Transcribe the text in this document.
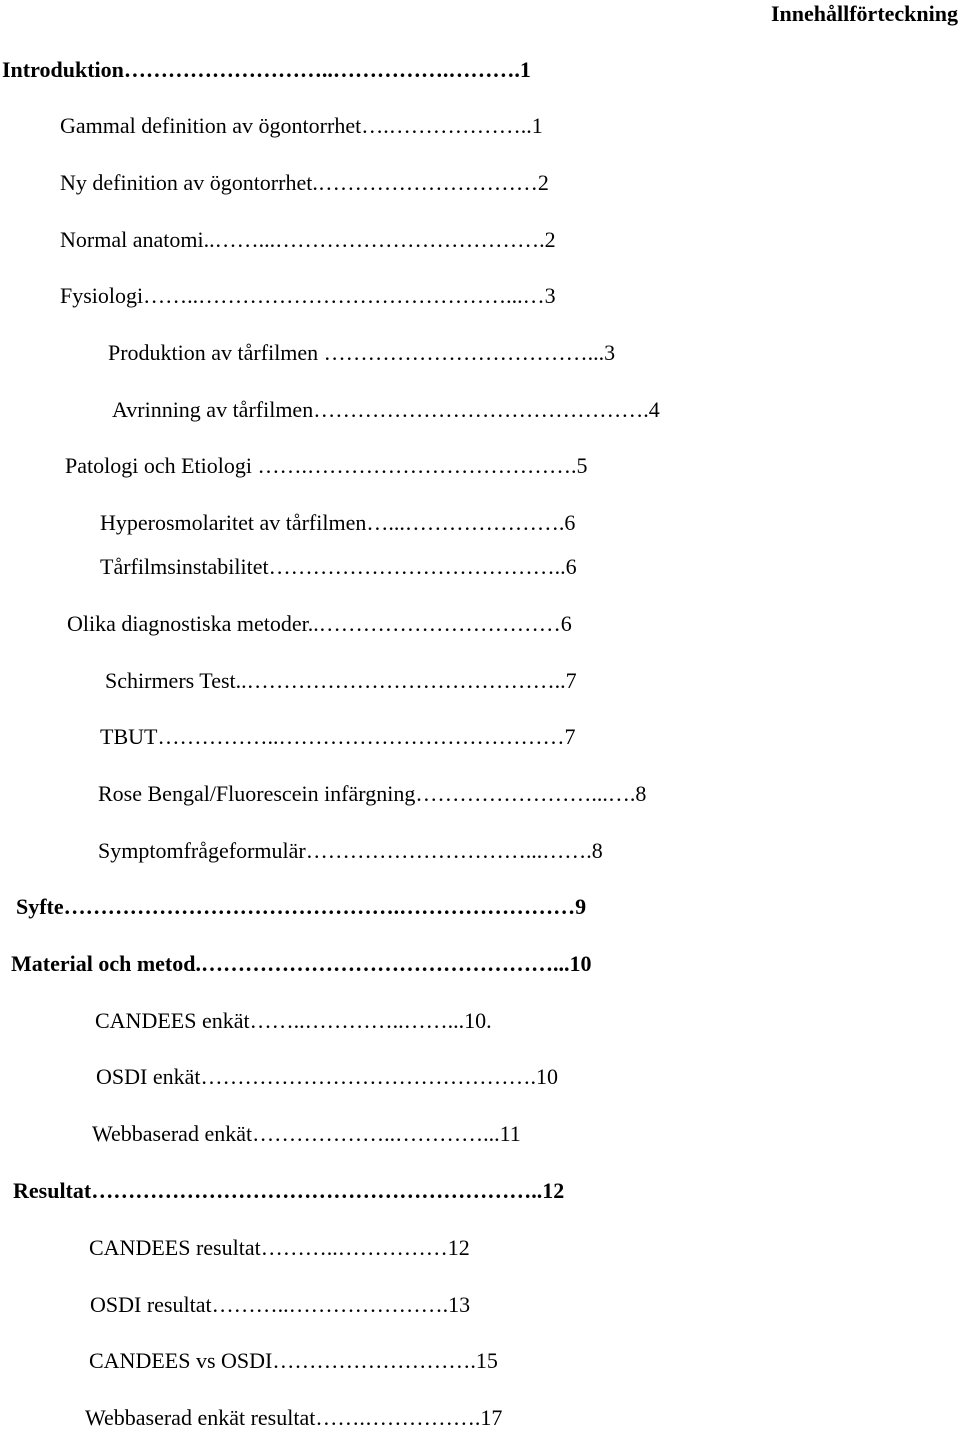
Innehållförteckning
Introduktion………………………..…………….……….1
Gammal definition av ögontorrhet….………………..1
Ny definition av ögontorrhet.…………………………2
Normal anatomi..……...……………………………….2
Fysiologi……..……………………………………...…3
Produktion av tårfilmen ………………………………...3
Avrinning av tårfilmen……………………………………….4
Patologi och Etiologi …….……………………………….5
Hyperosmolaritet av tårfilmen…...………………….6
Tårfilmsinstabilitet…………………………………..6
Olika diagnostiska metoder..……………………………6
Schirmers Test..……………………………………..7
TBUT……………..…………………………………7
Rose Bengal/Fluorescein infärgning……………………...….8
Symptomfrågeformulär…………………………...…….8
Syfte……………………………………….……………………9
Material och metod.…………………………………………...10
CANDEES enkät……..…………..……...10.
OSDI enkät……………………………………….10
Webbaserad enkät………………..…………...11
Resultat……………………………………………………..12
CANDEES resultat………..……………12
OSDI resultat………..………………….13
CANDEES vs OSDI……………………….15
Webbaserad enkät resultat…….…………….17
